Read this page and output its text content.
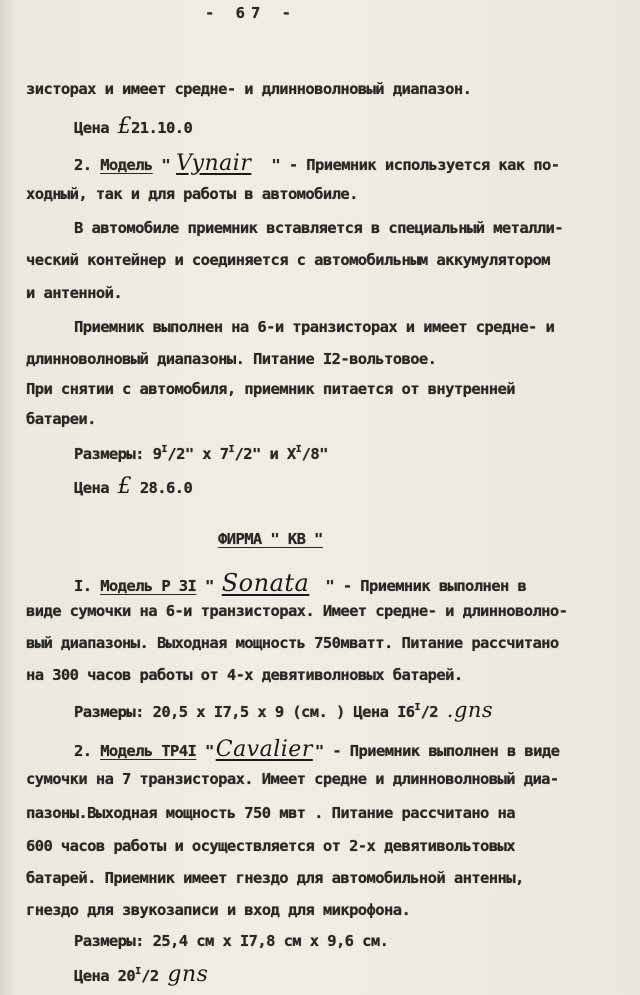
- 67 -
зисторах и имеет средне- и длинноволновый диапазон.
Цена £21.10.0
2. Модель " Vynair " - Приемник используется как по-
ходный, так и для работы в автомобиле.
В автомобиле приемник вставляется в специальный металли-
ческий контейнер и соединяется с автомобильным аккумулятором
и антенной.
Приемник выполнен на 6-и транзисторах и имеет средне- и
длинноволновый диапазоны. Питание I2-вольтовое.
При снятии с автомобиля, приемник питается от внутренней
батареи.
Размеры: $9^I/2$" x $7^I/2$" и $X^I/8$"
Цена £ 28.6.0
ФИРМА " КВ "
I. Модель Р 3I " Sonata " - Приемник выполнен в
виде сумочки на 6-и транзисторах. Имеет средне- и длинноволно-
вый диапазоны. Выходная мощность 750мватт. Питание рассчитано
на 300 часов работы от 4-х девятиволновых батарей.
Размеры: 20,5 x I7,5 x 9 (см. ) Цена $I6^I/2$ .gns
2. Модель ТР4I "Cavalier " - Приемник выполнен в виде
сумочки на 7 транзисторах. Имеет средне и длинноволновый диа-
пазоны.Выходная мощность 750 мвт . Питание рассчитано на
600 часов работы и осуществляется от 2-х девятивольтовых
батарей. Приемник имеет гнездо для автомобильной антенны,
гнездо для звукозаписи и вход для микрофона.
Размеры: 25,4 см x I7,8 см x 9,6 см.
Цена $20^I/2$ gns
